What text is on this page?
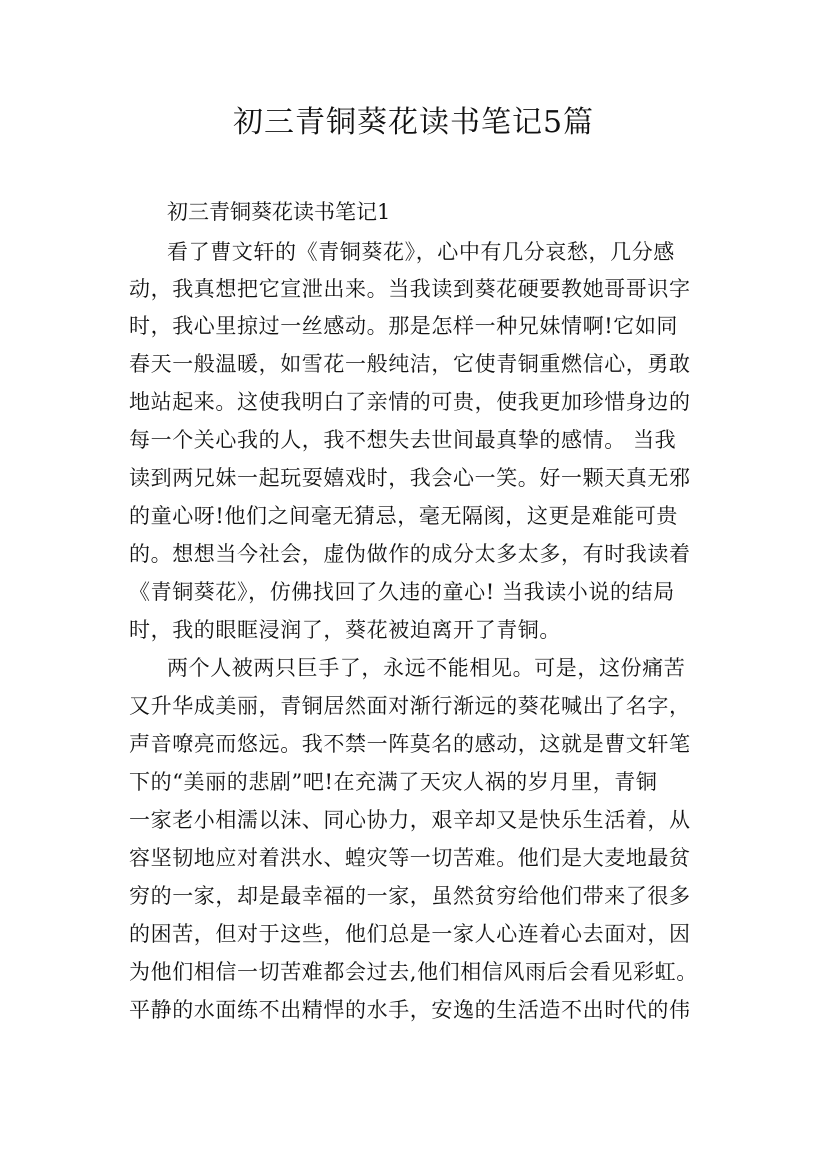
初三青铜葵花读书笔记5篇

初三青铜葵花读书笔记1

看了曹文轩的《青铜葵花》，心中有几分哀愁，几分感
动，我真想把它宣泄出来。当我读到葵花硬要教她哥哥识字
时，我心里掠过一丝感动。那是怎样一种兄妹情啊!它如同
春天一般温暖，如雪花一般纯洁，它使青铜重燃信心，勇敢
地站起来。这使我明白了亲情的可贵，使我更加珍惜身边的
每一个关心我的人，我不想失去世间最真挚的感情。 当我
读到两兄妹一起玩耍嬉戏时，我会心一笑。好一颗天真无邪
的童心呀!他们之间毫无猜忌，毫无隔阂，这更是难能可贵
的。想想当今社会，虚伪做作的成分太多太多，有时我读着
《青铜葵花》，仿佛找回了久违的童心! 当我读小说的结局
时，我的眼眶浸润了，葵花被迫离开了青铜。
两个人被两只巨手了，永远不能相见。可是，这份痛苦
又升华成美丽，青铜居然面对渐行渐远的葵花喊出了名字，
声音嘹亮而悠远。我不禁一阵莫名的感动，这就是曹文轩笔
下的“美丽的悲剧”吧!在充满了天灾人祸的岁月里，青铜
一家老小相濡以沫、同心协力，艰辛却又是快乐生活着，从
容坚韧地应对着洪水、蝗灾等一切苦难。他们是大麦地最贫
穷的一家，却是最幸福的一家，虽然贫穷给他们带来了很多
的困苦，但对于这些，他们总是一家人心连着心去面对，因
为他们相信一切苦难都会过去,他们相信风雨后会看见彩虹。
平静的水面练不出精悍的水手，安逸的生活造不出时代的伟
